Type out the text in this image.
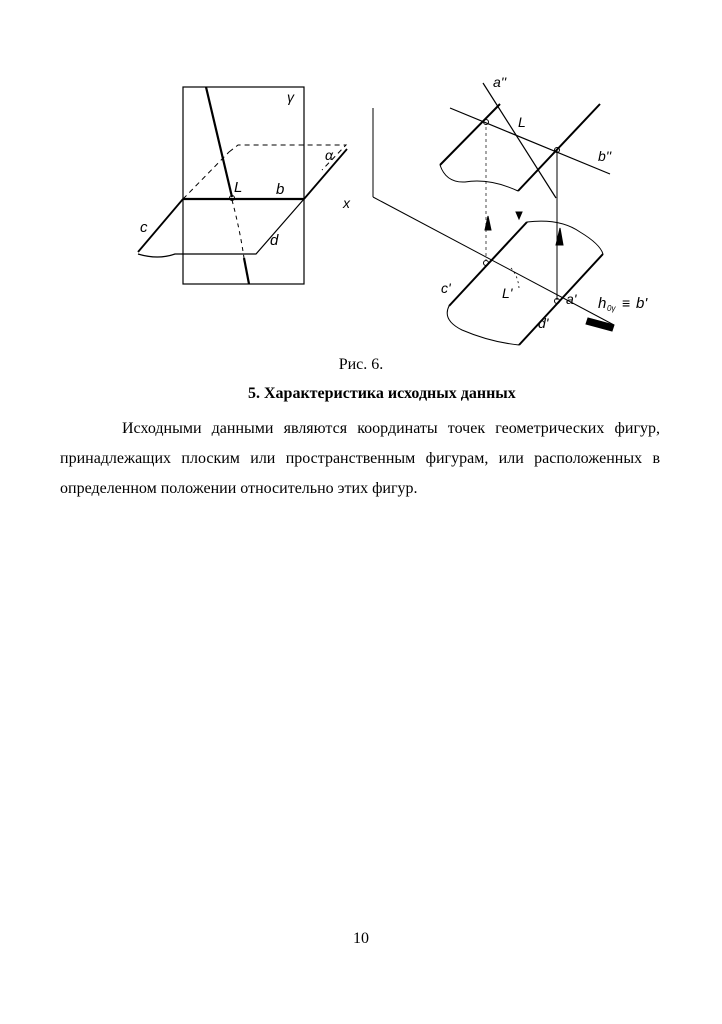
γ
α
L b
c
d
a''
L
b''
x
c'	L'	a'
d'
h 0γ ≡ b'
Рис. 6.
5. Характеристика исходных данных

Исходными данными являются координаты точек геометрических фигур, принадлежащих плоским или пространственным фигурам, или расположенных в определенном положении относительно этих фигур.

10
